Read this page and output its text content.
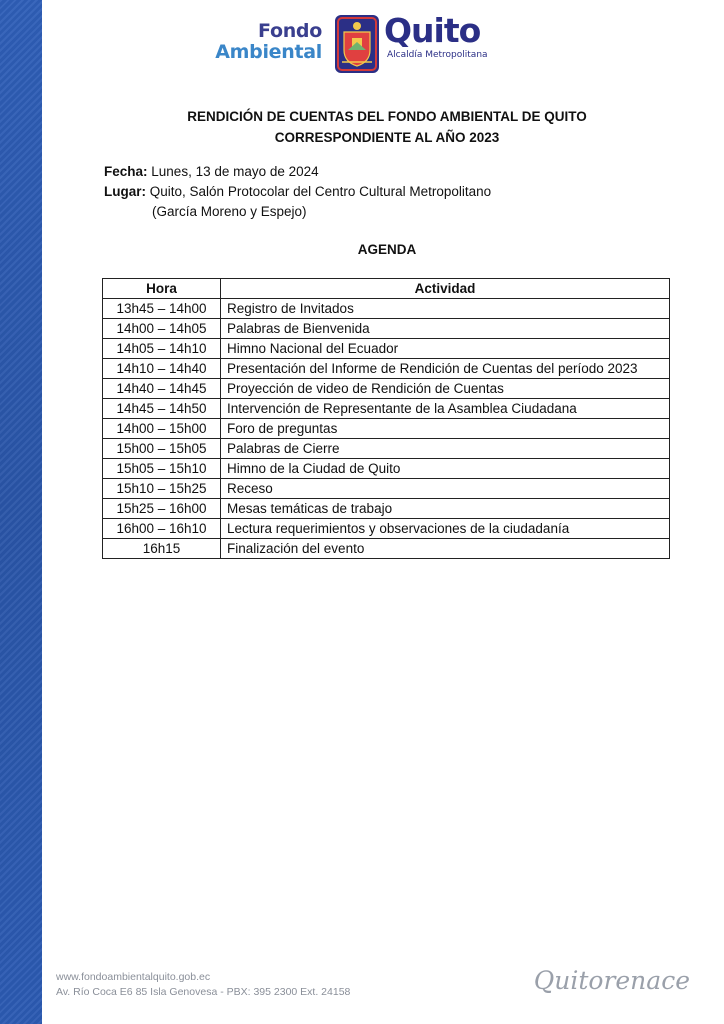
Fondo
Ambiental
Quito
Alcaldía Metropolitana
RENDICIÓN DE CUENTAS DEL FONDO AMBIENTAL DE QUITO
CORRESPONDIENTE AL AÑO 2023
Fecha: Lunes, 13 de mayo de 2024
Lugar: Quito, Salón Protocolar del Centro Cultural Metropolitano
(García Moreno y Espejo)
AGENDA
Hora	Actividad
13h45 – 14h00	Registro de Invitados
14h00 – 14h05	Palabras de Bienvenida
14h05 – 14h10	Himno Nacional del Ecuador
14h10 – 14h40	Presentación del Informe de Rendición de Cuentas del período 2023
14h40 – 14h45	Proyección de video de Rendición de Cuentas
14h45 – 14h50	Intervención de Representante de la Asamblea Ciudadana
14h00 – 15h00	Foro de preguntas
15h00 – 15h05	Palabras de Cierre
15h05 – 15h10	Himno de la Ciudad de Quito
15h10 – 15h25	Receso
15h25 – 16h00	Mesas temáticas de trabajo
16h00 – 16h10	Lectura requerimientos y observaciones de la ciudadanía
16h15	Finalización del evento
www.fondoambientalquito.gob.ec
Av. Río Coca E6 85 Isla Genovesa - PBX: 395 2300 Ext. 24158	Quitorenace
